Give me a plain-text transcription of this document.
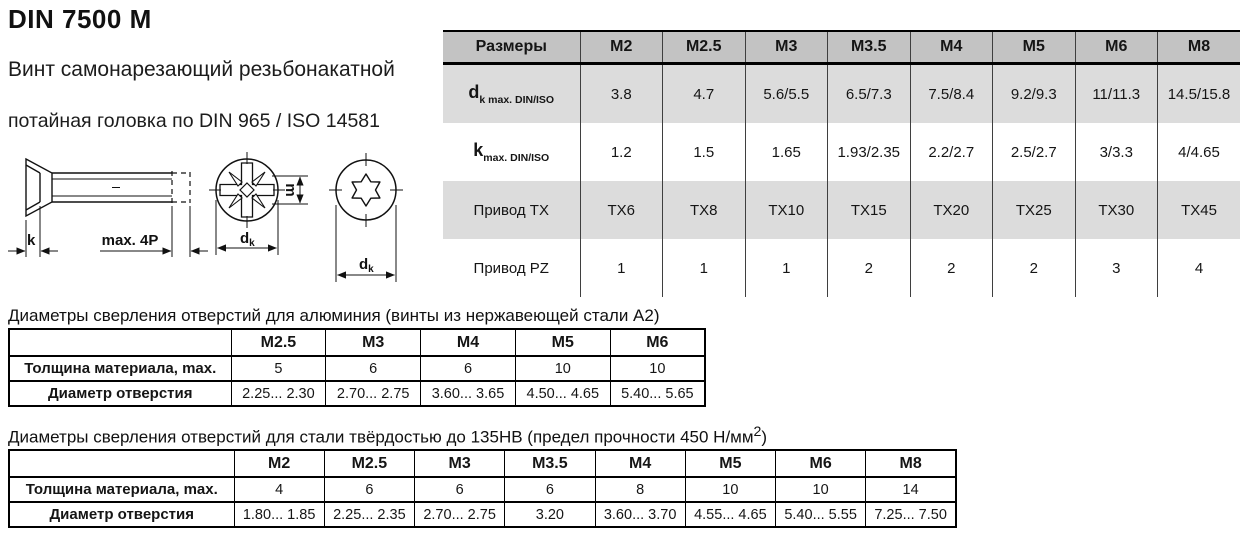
DIN 7500 M
Винт самонарезающий резьбонакатной
потайная головка по DIN 965 / ISO 14581
k	max. 4P
m
$d_k$
$d_k$
Размеры	M2	M2.5	M3	M3.5	M4	M5	M6	M8
$d_{k max. DIN/ISO}$	3.8	4.7	5.6/5.5	6.5/7.3	7.5/8.4	9.2/9.3	11/11.3	14.5/15.8
$k_{max. DIN/ISO}$	1.2	1.5	1.65	1.93/2.35	2.2/2.7	2.5/2.7	3/3.3	4/4.65
Привод TX	TX6	TX8	TX10	TX15	TX20	TX25	TX30	TX45
Привод PZ	1	1	1	2	2	2	3	4
Диаметры сверления отверстий для алюминия (винты из нержавеющей стали A2)
	M2.5	M3	M4	M5	M6
Толщина материала, max.	5	6	6	10	10
Диаметр отверстия	2.25... 2.30	2.70... 2.75	3.60... 3.65	4.50... 4.65	5.40... 5.65
Диаметры сверления отверстий для стали твёрдостью до 135HB (предел прочности 450 $Н/мм^2$)
	M2	M2.5	M3	M3.5	M4	M5	M6	M8
Толщина материала, max.	4	6	6	6	8	10	10	14
Диаметр отверстия	1.80... 1.85	2.25... 2.35	2.70... 2.75	3.20	3.60... 3.70	4.55... 4.65	5.40... 5.55	7.25... 7.50
